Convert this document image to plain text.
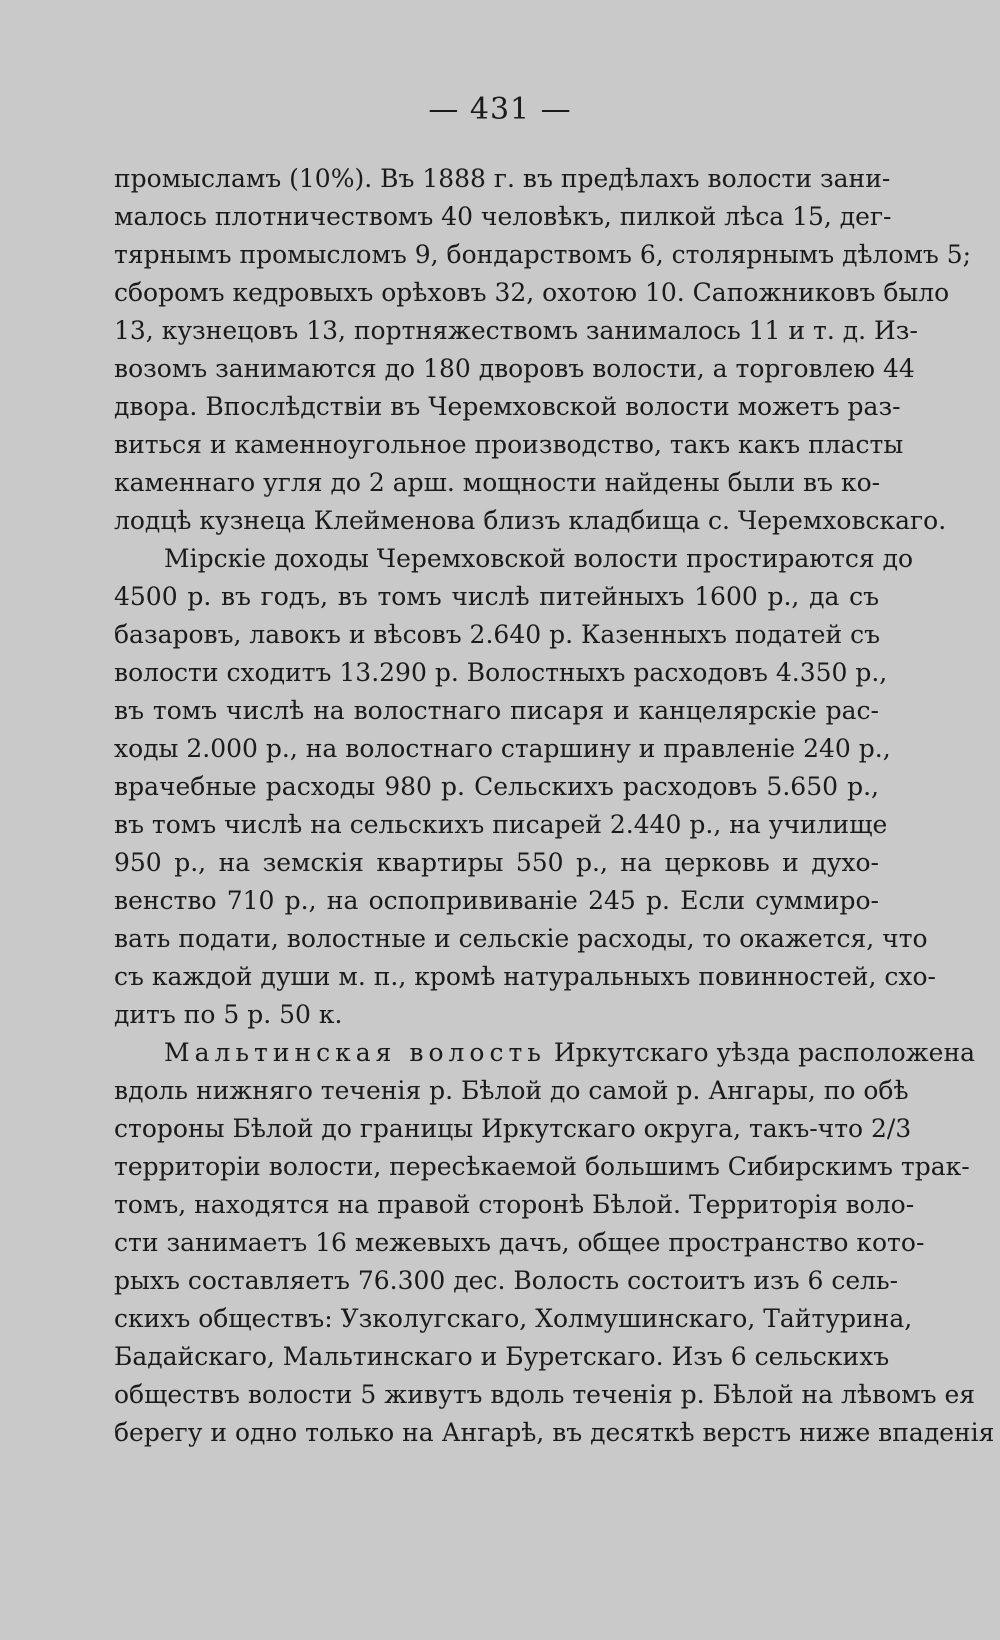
— 431 —
промысламъ (10%). Въ 1888 г. въ предѣлахъ волости зани-
малось плотничествомъ 40 человѣкъ, пилкой лѣса 15, дег-
тярнымъ промысломъ 9, бондарствомъ 6, столярнымъ дѣломъ 5;
сборомъ кедровыхъ орѣховъ 32, охотою 10. Сапожниковъ было
13, кузнецовъ 13, портняжествомъ занималось 11 и т. д. Из-
возомъ занимаются до 180 дворовъ волости, а торговлею 44
двора. Впослѣдствіи въ Черемховской волости можетъ раз-
виться и каменноугольное производство, такъ какъ пласты
каменнаго угля до 2 арш. мощности найдены были въ ко-
лодцѣ кузнеца Клейменова близъ кладбища с. Черемховскаго.
Мірскіе доходы Черемховской волости простираются до
4500 р. въ годъ, въ томъ числѣ питейныхъ 1600 р., да съ
базаровъ, лавокъ и вѣсовъ 2.640 р. Казенныхъ податей съ
волости сходитъ 13.290 р. Волостныхъ расходовъ 4.350 р.,
въ томъ числѣ на волостнаго писаря и канцелярскіе рас-
ходы 2.000 р., на волостнаго старшину и правленіе 240 р.,
врачебные расходы 980 р. Сельскихъ расходовъ 5.650 р.,
въ томъ числѣ на сельскихъ писарей 2.440 р., на училище
950 р., на земскія квартиры 550 р., на церковь и духо-
венство 710 р., на оспопрививаніе 245 р. Если суммиро-
вать подати, волостные и сельскіе расходы, то окажется, что
съ каждой души м. п., кромѣ натуральныхъ повинностей, схо-
дитъ по 5 р. 50 к.
Мальтинская волость Иркутскаго уѣзда расположена
вдоль нижняго теченія р. Бѣлой до самой р. Ангары, по обѣ
стороны Бѣлой до границы Иркутскаго округа, такъ-что 2/3
территоріи волости, пересѣкаемой большимъ Сибирскимъ трак-
томъ, находятся на правой сторонѣ Бѣлой. Территорія воло-
сти занимаетъ 16 межевыхъ дачъ, общее пространство кото-
рыхъ составляетъ 76.300 дес. Волость состоитъ изъ 6 сель-
скихъ обществъ: Узколугскаго, Холмушинскаго, Тайтурина,
Бадайскаго, Мальтинскаго и Буретскаго. Изъ 6 сельскихъ
обществъ волости 5 живутъ вдоль теченія р. Бѣлой на лѣвомъ ея
берегу и одно только на Ангарѣ, въ десяткѣ верстъ ниже впаденія
